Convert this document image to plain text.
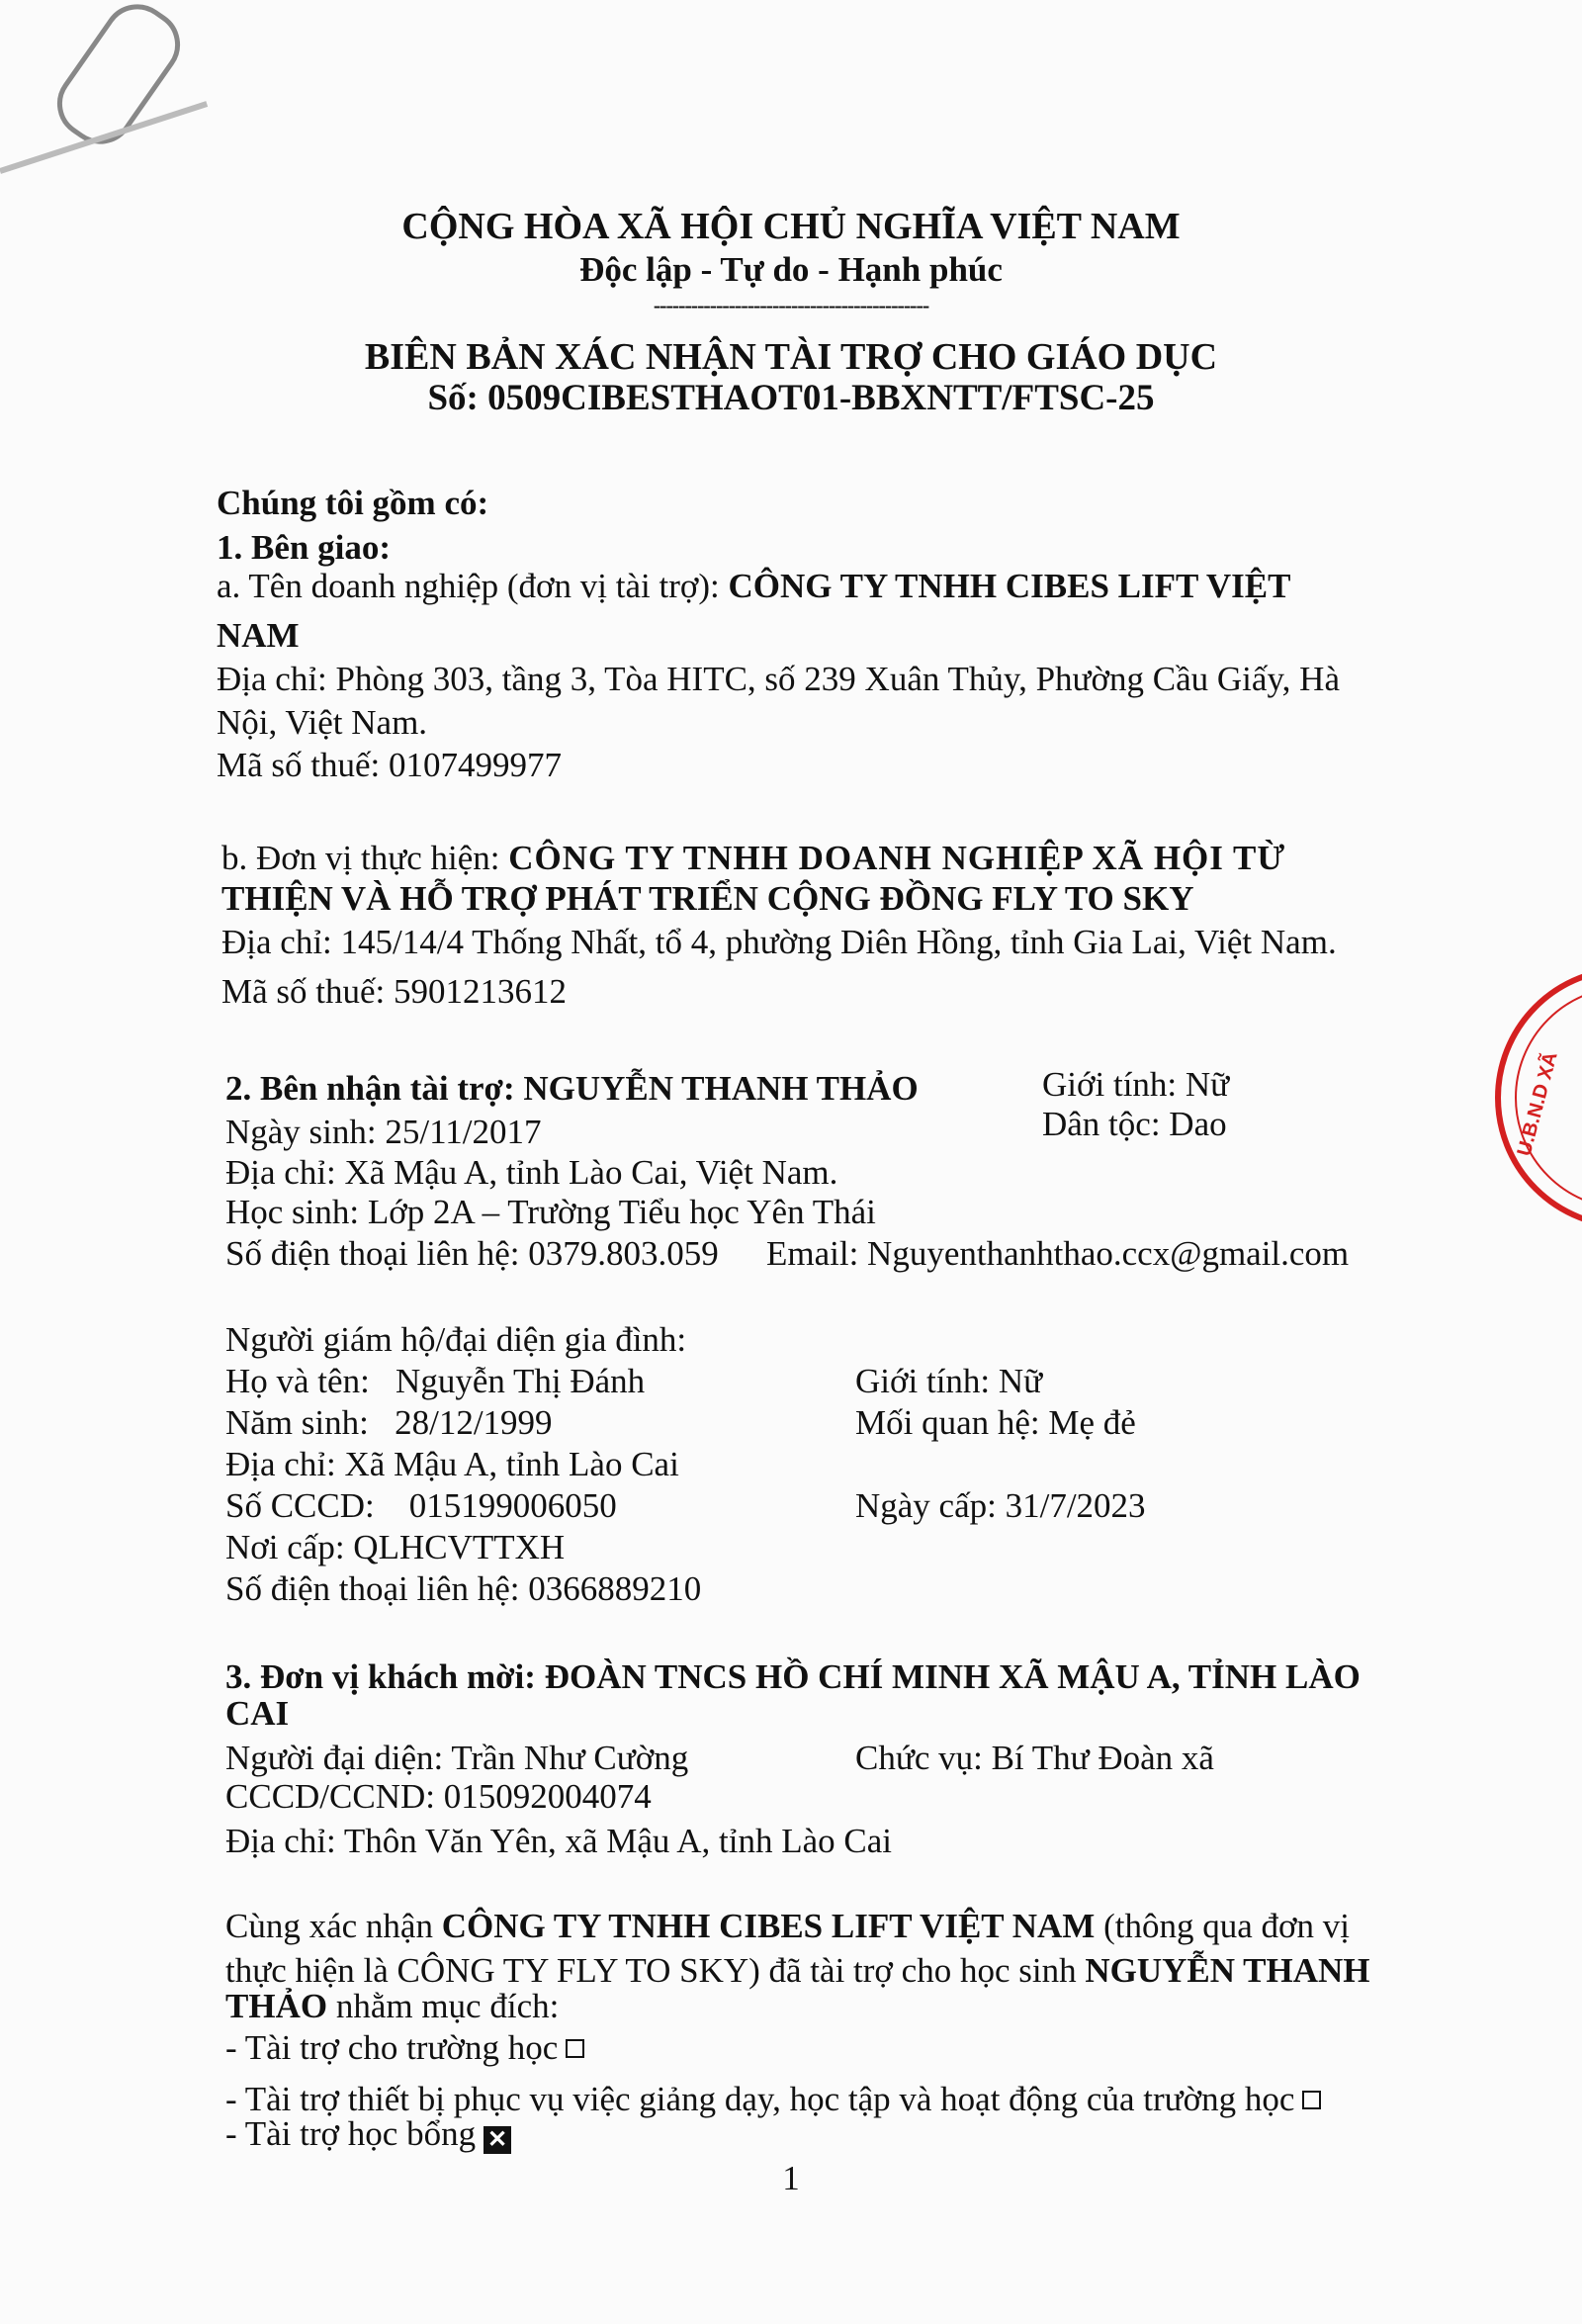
U.B.N.D XÃ
CỘNG HÒA XÃ HỘI CHỦ NGHĨA VIỆT NAM
Độc lập - Tự do - Hạnh phúc
--------------------------------------------
BIÊN BẢN XÁC NHẬN TÀI TRỢ CHO GIÁO DỤC
Số: 0509CIBESTHAOT01-BBXNTT/FTSC-25
Chúng tôi gồm có:
1. Bên giao:
a. Tên doanh nghiệp (đơn vị tài trợ): CÔNG TY TNHH CIBES LIFT VIỆT
NAM
Địa chỉ: Phòng 303, tầng 3, Tòa HITC, số 239 Xuân Thủy, Phường Cầu Giấy, Hà
Nội, Việt Nam.
Mã số thuế: 0107499977
b. Đơn vị thực hiện: CÔNG TY TNHH DOANH NGHIỆP XÃ HỘI TỪ
THIỆN VÀ HỖ TRỢ PHÁT TRIỂN CỘNG ĐỒNG FLY TO SKY
Địa chỉ: 145/14/4 Thống Nhất, tổ 4, phường Diên Hồng, tỉnh Gia Lai, Việt Nam.
Mã số thuế: 5901213612
2. Bên nhận tài trợ: NGUYỄN THANH THẢO	Giới tính: Nữ
Dân tộc: Dao
Ngày sinh: 25/11/2017
Địa chỉ: Xã Mậu A, tỉnh Lào Cai, Việt Nam.
Học sinh: Lớp 2A – Trường Tiểu học Yên Thái
Số điện thoại liên hệ: 0379.803.059 Email: Nguyenthanhthao.ccx@gmail.com
Người giám hộ/đại diện gia đình:
Họ và tên: Nguyễn Thị Đánh	Giới tính: Nữ
Năm sinh: 28/12/1999	Mối quan hệ: Mẹ đẻ
Địa chỉ: Xã Mậu A, tỉnh Lào Cai
Số CCCD: 015199006050	Ngày cấp: 31/7/2023
Nơi cấp: QLHCVTTXH
Số điện thoại liên hệ: 0366889210
3. Đơn vị khách mời: ĐOÀN TNCS HỒ CHÍ MINH XÃ MẬU A, TỈNH LÀO
CAI
Người đại diện: Trần Như Cường	Chức vụ: Bí Thư Đoàn xã
CCCD/CCND: 015092004074
Địa chỉ: Thôn Văn Yên, xã Mậu A, tỉnh Lào Cai
Cùng xác nhận CÔNG TY TNHH CIBES LIFT VIỆT NAM (thông qua đơn vị
thực hiện là CÔNG TY FLY TO SKY) đã tài trợ cho học sinh NGUYỄN THANH
THẢO nhằm mục đích:
- Tài trợ cho trường học
- Tài trợ thiết bị phục vụ việc giảng dạy, học tập và hoạt động của trường học
- Tài trợ học bổng ✕
1
